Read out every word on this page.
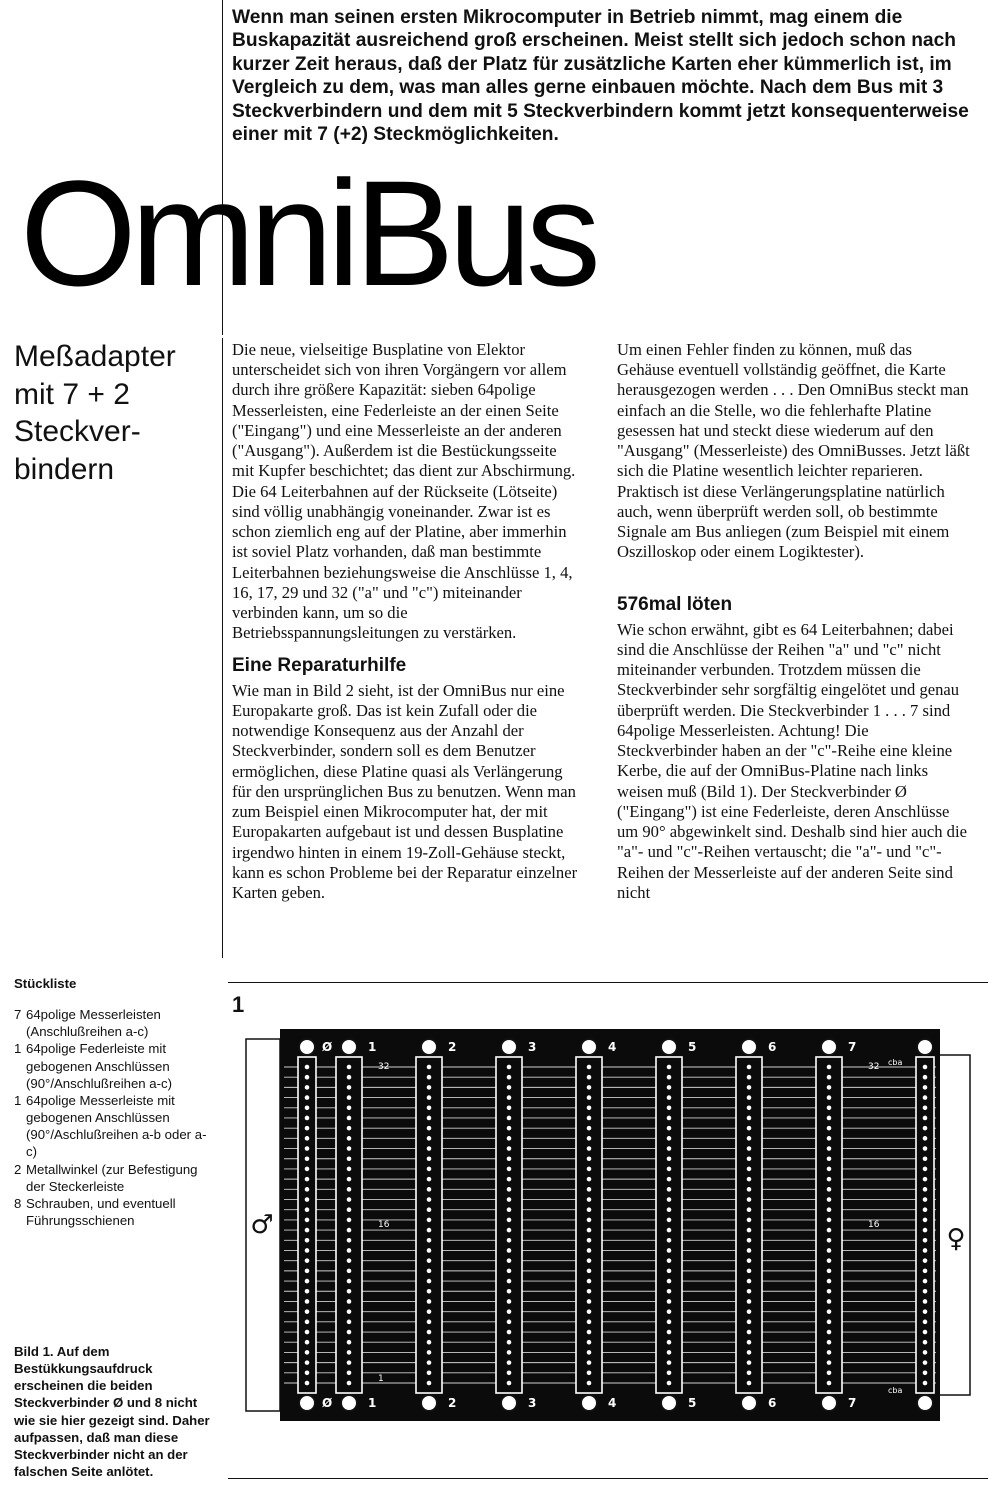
Wenn man seinen ersten Mikrocomputer in Betrieb nimmt, mag einem die Buskapazität ausreichend groß erscheinen. Meist stellt sich jedoch schon nach kurzer Zeit heraus, daß der Platz für zusätzliche Karten eher kümmerlich ist, im Vergleich zu dem, was man alles gerne einbauen möchte. Nach dem Bus mit 3 Steckverbindern und dem mit 5 Steckverbindern kommt jetzt konsequenterweise einer mit 7 (+2) Steckmöglichkeiten.
OmniBus
Meßadapter mit 7 + 2 Steckver-bindern

Die neue, vielseitige Busplatine von Elektor unterscheidet sich von ihren Vorgängern vor allem durch ihre größere Kapazität: sieben 64polige Messerleisten, eine Federleiste an der einen Seite ("Eingang") und eine Messerleiste an der anderen ("Ausgang"). Außerdem ist die Bestückungsseite mit Kupfer beschichtet; das dient zur Abschirmung. Die 64 Leiterbahnen auf der Rückseite (Lötseite) sind völlig unabhängig voneinander. Zwar ist es schon ziemlich eng auf der Platine, aber immerhin ist soviel Platz vorhanden, daß man bestimmte Leiterbahnen beziehungsweise die Anschlüsse 1, 4, 16, 17, 29 und 32 ("a" und "c") miteinander verbinden kann, um so die Betriebsspannungsleitungen zu verstärken.

Eine Reparaturhilfe

Wie man in Bild 2 sieht, ist der OmniBus nur eine Europakarte groß. Das ist kein Zufall oder die notwendige Konsequenz aus der Anzahl der Steckverbinder, sondern soll es dem Benutzer ermöglichen, diese Platine quasi als Verlängerung für den ursprünglichen Bus zu benutzen. Wenn man zum Beispiel einen Mikrocomputer hat, der mit Europakarten aufgebaut ist und dessen Busplatine irgendwo hinten in einem 19-Zoll-Gehäuse steckt, kann es schon Probleme bei der Reparatur einzelner Karten geben.

Um einen Fehler finden zu können, muß das Gehäuse eventuell vollständig geöffnet, die Karte herausgezogen werden . . . Den OmniBus steckt man einfach an die Stelle, wo die fehlerhafte Platine gesessen hat und steckt diese wiederum auf den "Ausgang" (Messerleiste) des OmniBusses. Jetzt läßt sich die Platine wesentlich leichter reparieren. Praktisch ist diese Verlängerungsplatine natürlich auch, wenn überprüft werden soll, ob bestimmte Signale am Bus anliegen (zum Beispiel mit einem Oszilloskop oder einem Logiktester).

576mal löten

Wie schon erwähnt, gibt es 64 Leiterbahnen; dabei sind die Anschlüsse der Reihen "a" und "c" nicht miteinander verbunden. Trotzdem müssen die Steckverbinder sehr sorgfältig eingelötet und genau überprüft werden. Die Steckverbinder 1 . . . 7 sind 64polige Messerleisten. Achtung! Die Steckverbinder haben an der "c"-Reihe eine kleine Kerbe, die auf der OmniBus-Platine nach links weisen muß (Bild 1). Der Steckverbinder Ø ("Eingang") ist eine Federleiste, deren Anschlüsse um 90° abgewinkelt sind. Deshalb sind hier auch die "a"- und "c"-Reihen vertauscht; die "a"- und "c"-Reihen der Messerleiste auf der anderen Seite sind nicht

Stückliste
7 64polige Messerleisten (Anschlußreihen a-c)
1 64polige Federleiste mit gebogenen Anschlüssen (90°/Anschlußreihen a-c)
1 64polige Messerleiste mit gebogenen Anschlüssen (90°/Aschlußreihen a-b oder a-c)
2 Metallwinkel (zur Befestigung der Steckerleiste
8 Schrauben, und eventuell Führungsschienen
Bild 1. Auf dem Bestükkungsaufdruck erscheinen die beiden Steckverbinder Ø und 8 nicht wie sie hier gezeigt sind. Daher aufpassen, daß man diese Steckverbinder nicht an der falschen Seite anlötet.
1
Ø
Ø
1
1
2
2
3
3
4
4
5
5
6
6
7
7
8
8
♂	♀
32	32
16	16
1
cba
cba
